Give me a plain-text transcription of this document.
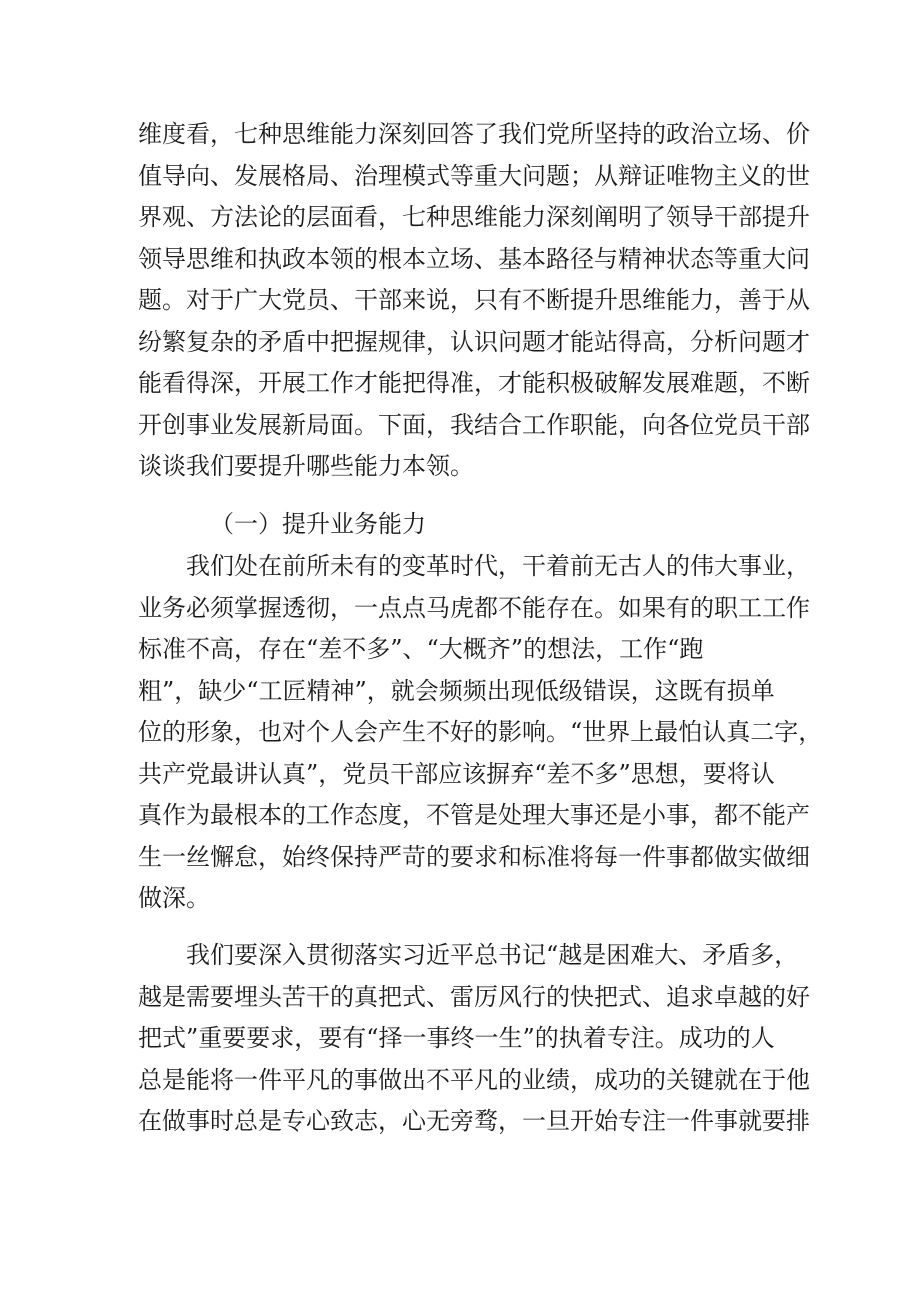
维度看，七种思维能力深刻回答了我们党所坚持的政治立场、价
值导向、发展格局、治理模式等重大问题；从辩证唯物主义的世
界观、方法论的层面看，七种思维能力深刻阐明了领导干部提升
领导思维和执政本领的根本立场、基本路径与精神状态等重大问
题。对于广大党员、干部来说，只有不断提升思维能力，善于从
纷繁复杂的矛盾中把握规律，认识问题才能站得高，分析问题才
能看得深，开展工作才能把得准，才能积极破解发展难题，不断
开创事业发展新局面。下面，我结合工作职能，向各位党员干部
谈谈我们要提升哪些能力本领。
（一）提升业务能力
我们处在前所未有的变革时代，干着前无古人的伟大事业，
业务必须掌握透彻，一点点马虎都不能存在。如果有的职工工作
标准不高，存在“差不多”、“大概齐”的想法，工作“跑
粗”，缺少“工匠精神”，就会频频出现低级错误，这既有损单
位的形象，也对个人会产生不好的影响。“世界上最怕认真二字，
共产党最讲认真”，党员干部应该摒弃“差不多”思想，要将认
真作为最根本的工作态度，不管是处理大事还是小事，都不能产
生一丝懈怠，始终保持严苛的要求和标准将每一件事都做实做细
做深。
我们要深入贯彻落实习近平总书记“越是困难大、矛盾多，
越是需要埋头苦干的真把式、雷厉风行的快把式、追求卓越的好
把式”重要要求，要有“择一事终一生”的执着专注。成功的人
总是能将一件平凡的事做出不平凡的业绩，成功的关键就在于他
在做事时总是专心致志，心无旁骛，一旦开始专注一件事就要排
